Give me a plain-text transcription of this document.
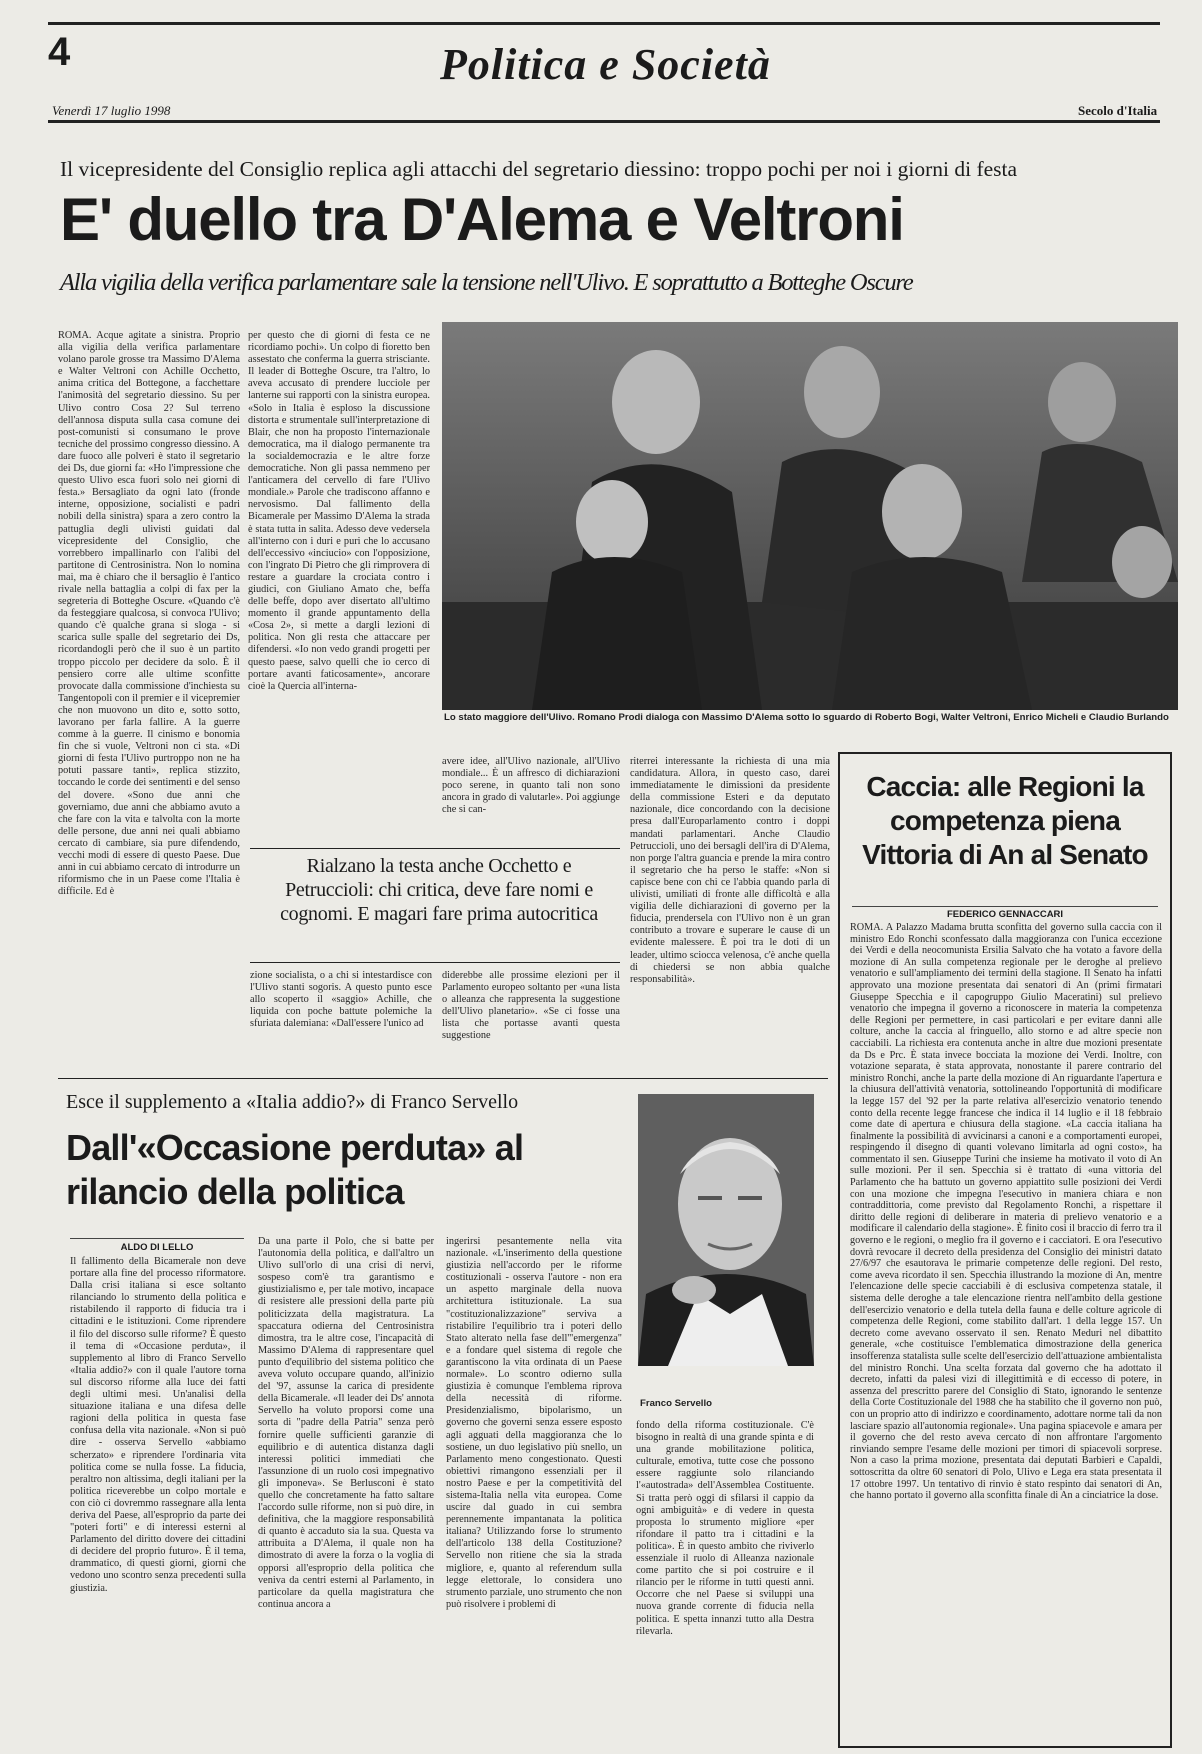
4	Politica e Società
Venerdì 17 luglio 1998	Secolo d'Italia
Il vicepresidente del Consiglio replica agli attacchi del segretario diessino: troppo pochi per noi i giorni di festa
E' duello tra D'Alema e Veltroni
Alla vigilia della verifica parlamentare sale la tensione nell'Ulivo. E soprattutto a Botteghe Oscure

ROMA. Acque agitate a sinistra. Proprio alla vigilia della verifica parlamentare volano parole grosse tra Massimo D'Alema e Walter Veltroni con Achille Occhetto, anima critica del Bottegone, a facchettare l'animosità del segretario diessino. Su per Ulivo contro Cosa 2? Sul terreno dell'annosa disputa sulla casa comune dei post-comunisti si consumano le prove tecniche del prossimo congresso diessino. A dare fuoco alle polveri è stato il segretario dei Ds, due giorni fa: «Ho l'impressione che questo Ulivo esca fuori solo nei giorni di festa.» Bersagliato da ogni lato (fronde interne, opposizione, socialisti e padri nobili della sinistra) spara a zero contro la pattuglia degli ulivisti guidati dal vicepresidente del Consiglio, che vorrebbero impallinarlo con l'alibi del partitone di Centrosinistra. Non lo nomina mai, ma è chiaro che il bersaglio è l'antico rivale nella battaglia a colpi di fax per la segreteria di Botteghe Oscure. «Quando c'è da festeggiare qualcosa, si convoca l'Ulivo; quando c'è qualche grana si sloga - si scarica sulle spalle del segretario dei Ds, ricordandogli però che il suo è un partito troppo piccolo per decidere da solo. È il pensiero corre alle ultime sconfitte provocate dalla commissione d'inchiesta su Tangentopoli con il premier e il vicepremier che non muovono un dito e, sotto sotto, lavorano per farla fallire. A la guerre comme à la guerre. Il cinismo e bonomia fin che si vuole, Veltroni non ci sta. «Di giorni di festa l'Ulivo purtroppo non ne ha potuti passare tanti», replica stizzito, toccando le corde dei sentimenti e del senso del dovere. «Sono due anni che governiamo, due anni che abbiamo avuto a che fare con la vita e talvolta con la morte delle persone, due anni nei quali abbiamo cercato di cambiare, sia pure difendendo, vecchi modi di essere di questo Paese. Due anni in cui abbiamo cercato di introdurre un riformismo che in un Paese come l'Italia è difficile. Ed è

per questo che di giorni di festa ce ne ricordiamo pochi». Un colpo di fioretto ben assestato che conferma la guerra strisciante. Il leader di Botteghe Oscure, tra l'altro, lo aveva accusato di prendere lucciole per lanterne sui rapporti con la sinistra europea. «Solo in Italia è esploso la discussione distorta e strumentale sull'interpretazione di Blair, che non ha proposto l'internazionale democratica, ma il dialogo permanente tra la socialdemocrazia e le altre forze democratiche. Non gli passa nemmeno per l'anticamera del cervello di fare l'Ulivo mondiale.» Parole che tradiscono affanno e nervosismo. Dal fallimento della Bicamerale per Massimo D'Alema la strada è stata tutta in salita. Adesso deve vedersela all'interno con i duri e puri che lo accusano dell'eccessivo «inciucio» con l'opposizione, con l'ingrato Di Pietro che gli rimprovera di restare a guardare la crociata contro i giudici, con Giuliano Amato che, beffa delle beffe, dopo aver disertato all'ultimo momento il grande appuntamento della «Cosa 2», si mette a dargli lezioni di politica. Non gli resta che attaccare per difendersi. «Io non vedo grandi progetti per questo paese, salvo quelli che io cerco di portare avanti faticosamente», ancorare cioè la Quercia all'interna-

Lo stato maggiore dell'Ulivo. Romano Prodi dialoga con Massimo D'Alema sotto lo sguardo di Roberto Bogi, Walter Veltroni, Enrico Micheli e Claudio Burlando

avere idee, all'Ulivo nazionale, all'Ulivo mondiale... È un affresco di dichiarazioni poco serene, in quanto tali non sono ancora in grado di valutarle». Poi aggiunge che si can-

riterrei interessante la richiesta di una mia candidatura. Allora, in questo caso, darei immediatamente le dimissioni da presidente della commissione Esteri e da deputato nazionale, dice concordando con la decisione presa dall'Europarlamento contro i doppi mandati parlamentari. Anche Claudio Petruccioli, uno dei bersagli dell'ira di D'Alema, non porge l'altra guancia e prende la mira contro il segretario che ha perso le staffe: «Non si capisce bene con chi ce l'abbia quando parla di ulivisti, umiliati di fronte alle difficoltà e alla vigilia delle dichiarazioni di governo per la fiducia, prendersela con l'Ulivo non è un gran contributo a trovare e superare le cause di un evidente malessere. È poi tra le doti di un leader, ultimo sciocca velenosa, c'è anche quella di chiedersi se non abbia qualche responsabilità».

Rialzano la testa anche Occhetto e Petruccioli: chi critica, deve fare nomi e cognomi. E magari fare prima autocritica

zione socialista, o a chi si intestardisce con l'Ulivo stanti sogoris. A questo punto esce allo scoperto il «saggio» Achille, che liquida con poche battute polemiche la sfuriata dalemiana: «Dall'essere l'unico ad

diderebbe alle prossime elezioni per il Parlamento europeo soltanto per «una lista o alleanza che rappresenta la suggestione dell'Ulivo planetario». «Se ci fosse una lista che portasse avanti questa suggestione

Caccia: alle Regioni la competenza piena Vittoria di An al Senato
FEDERICO GENNACCARI

ROMA. A Palazzo Madama brutta sconfitta del governo sulla caccia con il ministro Edo Ronchi sconfessato dalla maggioranza con l'unica eccezione dei Verdi e della neocomunista Ersilia Salvato che ha votato a favore della mozione di An sulla competenza regionale per le deroghe al prelievo venatorio e sull'ampliamento dei termini della stagione. Il Senato ha infatti approvato una mozione presentata dai senatori di An (primi firmatari Giuseppe Specchia e il capogruppo Giulio Maceratini) sul prelievo venatorio che impegna il governo a riconoscere in materia la competenza delle Regioni per permettere, in casi particolari e per evitare danni alle colture, anche la caccia al fringuello, allo storno e ad altre specie non cacciabili. La richiesta era contenuta anche in altre due mozioni presentate da Ds e Prc. È stata invece bocciata la mozione dei Verdi. Inoltre, con votazione separata, è stata approvata, nonostante il parere contrario del ministro Ronchi, anche la parte della mozione di An riguardante l'apertura e la chiusura dell'attività venatoria, sottolineando l'opportunità di modificare la legge 157 del '92 per la parte relativa all'esercizio venatorio tenendo conto della recente legge francese che indica il 14 luglio e il 18 febbraio come date di apertura e chiusura della stagione. «La caccia italiana ha finalmente la possibilità di avvicinarsi a canoni e a comportamenti europei, respingendo il disegno di quanti volevano limitarla ad ogni costo», ha commentato il sen. Giuseppe Turini che insieme ha motivato il voto di An sulle mozioni. Per il sen. Specchia si è trattato di «una vittoria del Parlamento che ha battuto un governo appiattito sulle posizioni dei Verdi con una mozione che impegna l'esecutivo in maniera chiara e non contraddittoria, come previsto dal Regolamento Ronchi, a rispettare il diritto delle regioni di deliberare in materia di prelievo venatorio e a modificare il calendario della stagione». È finito così il braccio di ferro tra il governo e le regioni, o meglio fra il governo e i cacciatori. E ora l'esecutivo dovrà revocare il decreto della presidenza del Consiglio dei ministri datato 27/6/97 che esautorava le primarie competenze delle regioni. Del resto, come aveva ricordato il sen. Specchia illustrando la mozione di An, mentre l'elencazione delle specie cacciabili è di esclusiva competenza statale, il sistema delle deroghe a tale elencazione rientra nell'ambito della gestione dell'esercizio venatorio e della tutela della fauna e delle colture agricole di competenza delle Regioni, come stabilito dall'art. 1 della legge 157. Un decreto come avevano osservato il sen. Renato Meduri nel dibattito generale, «che costituisce l'emblematica dimostrazione della generica insofferenza statalista sulle scelte dell'esercizio dell'attuazione ambientalista del ministro Ronchi. Una scelta forzata dal governo che ha adottato il decreto, infatti da palesi vizi di illegittimità e di eccesso di potere, in assenza del prescritto parere del Consiglio di Stato, ignorando le sentenze della Corte Costituzionale del 1988 che ha stabilito che il governo non può, con un proprio atto di indirizzo e coordinamento, adottare norme tali da non lasciare spazio all'autonomia regionale». Una pagina spiacevole e amara per il governo che del resto aveva cercato di non affrontare l'argomento rinviando sempre l'esame delle mozioni per timori di spiacevoli sorprese. Non a caso la prima mozione, presentata dai deputati Barbieri e Capaldi, sottoscritta da oltre 60 senatori di Polo, Ulivo e Lega era stata presentata il 17 ottobre 1997. Un tentativo di rinvio è stato respinto dai senatori di An, che hanno portato il governo alla sconfitta finale di An a cinciatrice la dose.

Esce il supplemento a «Italia addio?» di Franco Servello
Dall'«Occasione perduta» al rilancio della politica
ALDO DI LELLO

Il fallimento della Bicamerale non deve portare alla fine del processo riformatore. Dalla crisi italiana si esce soltanto rilanciando lo strumento della politica e ristabilendo il rapporto di fiducia tra i cittadini e le istituzioni. Come riprendere il filo del discorso sulle riforme? È questo il tema di «Occasione perduta», il supplemento al libro di Franco Servello «Italia addio?» con il quale l'autore torna sul discorso riforme alla luce dei fatti degli ultimi mesi. Un'analisi della situazione italiana e una difesa delle ragioni della politica in questa fase confusa della vita nazionale. «Non si può dire - osserva Servello «abbiamo scherzato» e riprendere l'ordinaria vita politica come se nulla fosse. La fiducia, peraltro non altissima, degli italiani per la politica riceverebbe un colpo mortale e con ciò ci dovremmo rassegnare alla lenta deriva del Paese, all'esproprio da parte dei "poteri forti" e di interessi esterni al Parlamento del diritto dovere dei cittadini di decidere del proprio futuro». È il tema, drammatico, di questi giorni, giorni che vedono uno scontro senza precedenti sulla giustizia.

Da una parte il Polo, che si batte per l'autonomia della politica, e dall'altro un Ulivo sull'orlo di una crisi di nervi, sospeso com'è tra garantismo e giustizialismo e, per tale motivo, incapace di resistere alle pressioni della parte più politicizzata della magistratura. La spaccatura odierna del Centrosinistra dimostra, tra le altre cose, l'incapacità di Massimo D'Alema di rappresentare quel punto d'equilibrio del sistema politico che aveva voluto occupare quando, all'inizio del '97, assunse la carica di presidente della Bicamerale. «Il leader dei Ds' annota Servello ha voluto proporsi come una sorta di "padre della Patria" senza però fornire quelle sufficienti garanzie di equilibrio e di autentica distanza dagli interessi politici immediati che l'assunzione di un ruolo così impegnativo gli imponeva». Se Berlusconi è stato quello che concretamente ha fatto saltare l'accordo sulle riforme, non si può dire, in definitiva, che la maggiore responsabilità di quanto è accaduto sia la sua. Questa va attribuita a D'Alema, il quale non ha dimostrato di avere la forza o la voglia di opporsi all'esproprio della politica che veniva da centri esterni al Parlamento, in particolare da quella magistratura che continua ancora a

ingerirsi pesantemente nella vita nazionale. «L'inserimento della questione giustizia nell'accordo per le riforme costituzionali - osserva l'autore - non era un aspetto marginale della nuova architettura istituzionale. La sua "costituzionalizzazione" serviva a ristabilire l'equilibrio tra i poteri dello Stato alterato nella fase dell'"emergenza" e a fondare quel sistema di regole che garantiscono la vita ordinata di un Paese normale». Lo scontro odierno sulla giustizia è comunque l'emblema riprova della necessità di riforme. Presidenzialismo, bipolarismo, un governo che governi senza essere esposto agli agguati della maggioranza che lo sostiene, un duo legislativo più snello, un Parlamento meno congestionato. Questi obiettivi rimangono essenziali per il nostro Paese e per la competitività del sistema-Italia nella vita europea. Come uscire dal guado in cui sembra perennemente impantanata la politica italiana? Utilizzando forse lo strumento dell'articolo 138 della Costituzione? Servello non ritiene che sia la strada migliore, e, quanto al referendum sulla legge elettorale, lo considera uno strumento parziale, uno strumento che non può risolvere i problemi di

Franco Servello

fondo della riforma costituzionale. C'è bisogno in realtà di una grande spinta e di una grande mobilitazione politica, culturale, emotiva, tutte cose che possono essere raggiunte solo rilanciando l'«autostrada» dell'Assemblea Costituente. Si tratta però oggi di sfilarsi il cappio da ogni ambiguità» e di vedere in questa proposta lo strumento migliore «per rifondare il patto tra i cittadini e la politica». È in questo ambito che riviverlo essenziale il ruolo di Alleanza nazionale come partito che si poi costruire e il rilancio per le riforme in tutti questi anni. Occorre che nel Paese si sviluppi una nuova grande corrente di fiducia nella politica. E spetta innanzi tutto alla Destra rilevarla.
